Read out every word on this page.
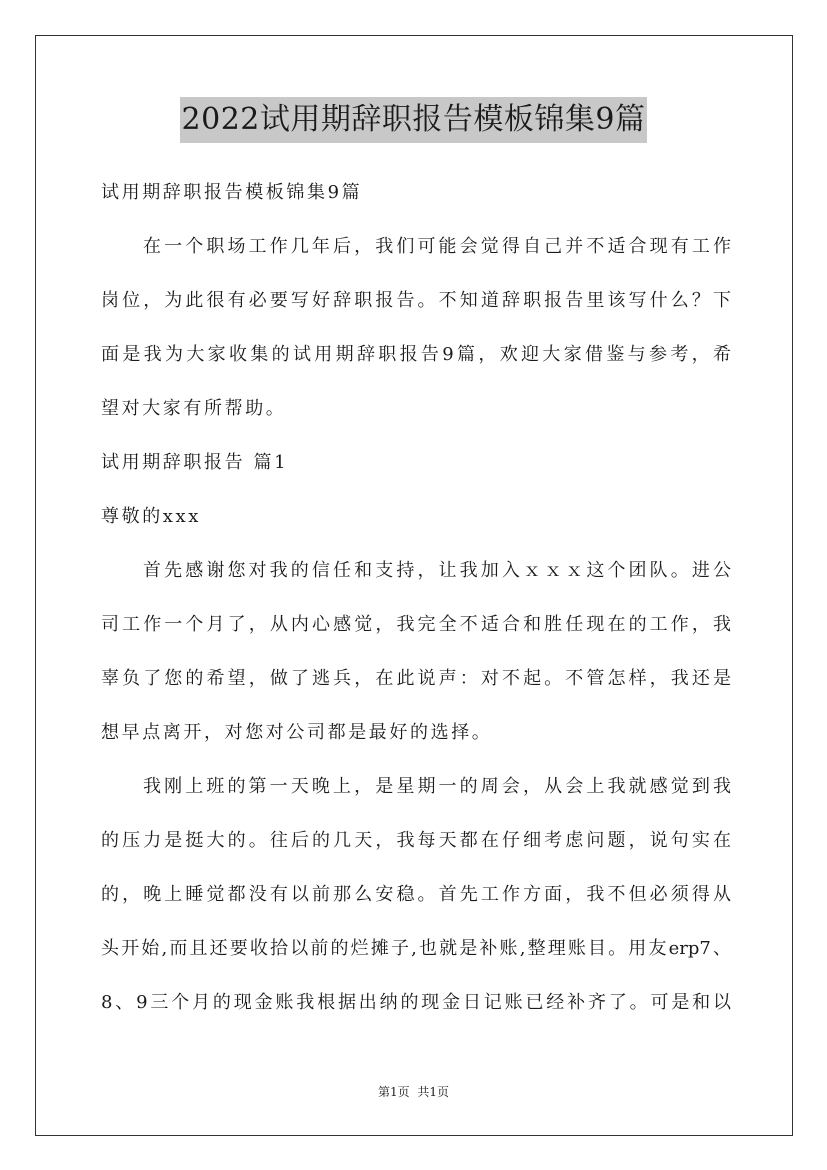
2022试用期辞职报告模板锦集9篇
试用期辞职报告模板锦集9篇
在一个职场工作几年后，我们可能会觉得自己并不适合现有工作
岗位，为此很有必要写好辞职报告。不知道辞职报告里该写什么？下
面是我为大家收集的试用期辞职报告9篇，欢迎大家借鉴与参考，希
望对大家有所帮助。
试用期辞职报告 篇1
尊敬的xxx
首先感谢您对我的信任和支持，让我加入ｘｘｘ这个团队。进公
司工作一个月了，从内心感觉，我完全不适合和胜任现在的工作，我
辜负了您的希望，做了逃兵，在此说声：对不起。不管怎样，我还是
想早点离开，对您对公司都是最好的选择。
我刚上班的第一天晚上，是星期一的周会，从会上我就感觉到我
的压力是挺大的。往后的几天，我每天都在仔细考虑问题，说句实在
的，晚上睡觉都没有以前那么安稳。首先工作方面，我不但必须得从
头开始,而且还要收拾以前的烂摊子,也就是补账,整理账目。用友erp7、
8、9三个月的现金账我根据出纳的现金日记账已经补齐了。可是和以
第1页 共1页
